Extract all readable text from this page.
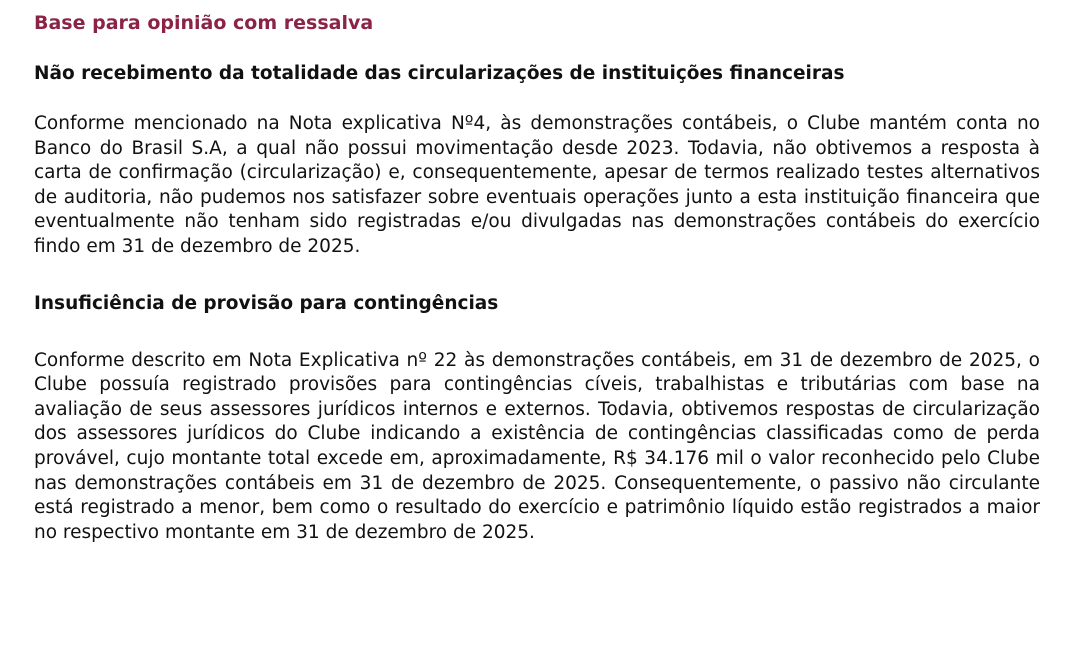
Base para opinião com ressalva
Não recebimento da totalidade das circularizações de instituições financeiras

Conforme mencionado na Nota explicativa Nº4, às demonstrações contábeis, o Clube mantém conta no Banco do Brasil S.A, a qual não possui movimentação desde 2023. Todavia, não obtivemos a resposta à carta de confirmação (circularização) e, consequentemente, apesar de termos realizado testes alternativos de auditoria, não pudemos nos satisfazer sobre eventuais operações junto a esta instituição financeira que eventualmente não tenham sido registradas e/ou divulgadas nas demonstrações contábeis do exercício findo em 31 de dezembro de 2025.

Insuficiência de provisão para contingências

Conforme descrito em Nota Explicativa nº 22 às demonstrações contábeis, em 31 de dezembro de 2025, o Clube possuía registrado provisões para contingências cíveis, trabalhistas e tributárias com base na avaliação de seus assessores jurídicos internos e externos. Todavia, obtivemos respostas de circularização dos assessores jurídicos do Clube indicando a existência de contingências classificadas como de perda provável, cujo montante total excede em, aproximadamente, R$ 34.176 mil o valor reconhecido pelo Clube nas demonstrações contábeis em 31 de dezembro de 2025. Consequentemente, o passivo não circulante está registrado a menor, bem como o resultado do exercício e patrimônio líquido estão registrados a maior no respectivo montante em 31 de dezembro de 2025.
